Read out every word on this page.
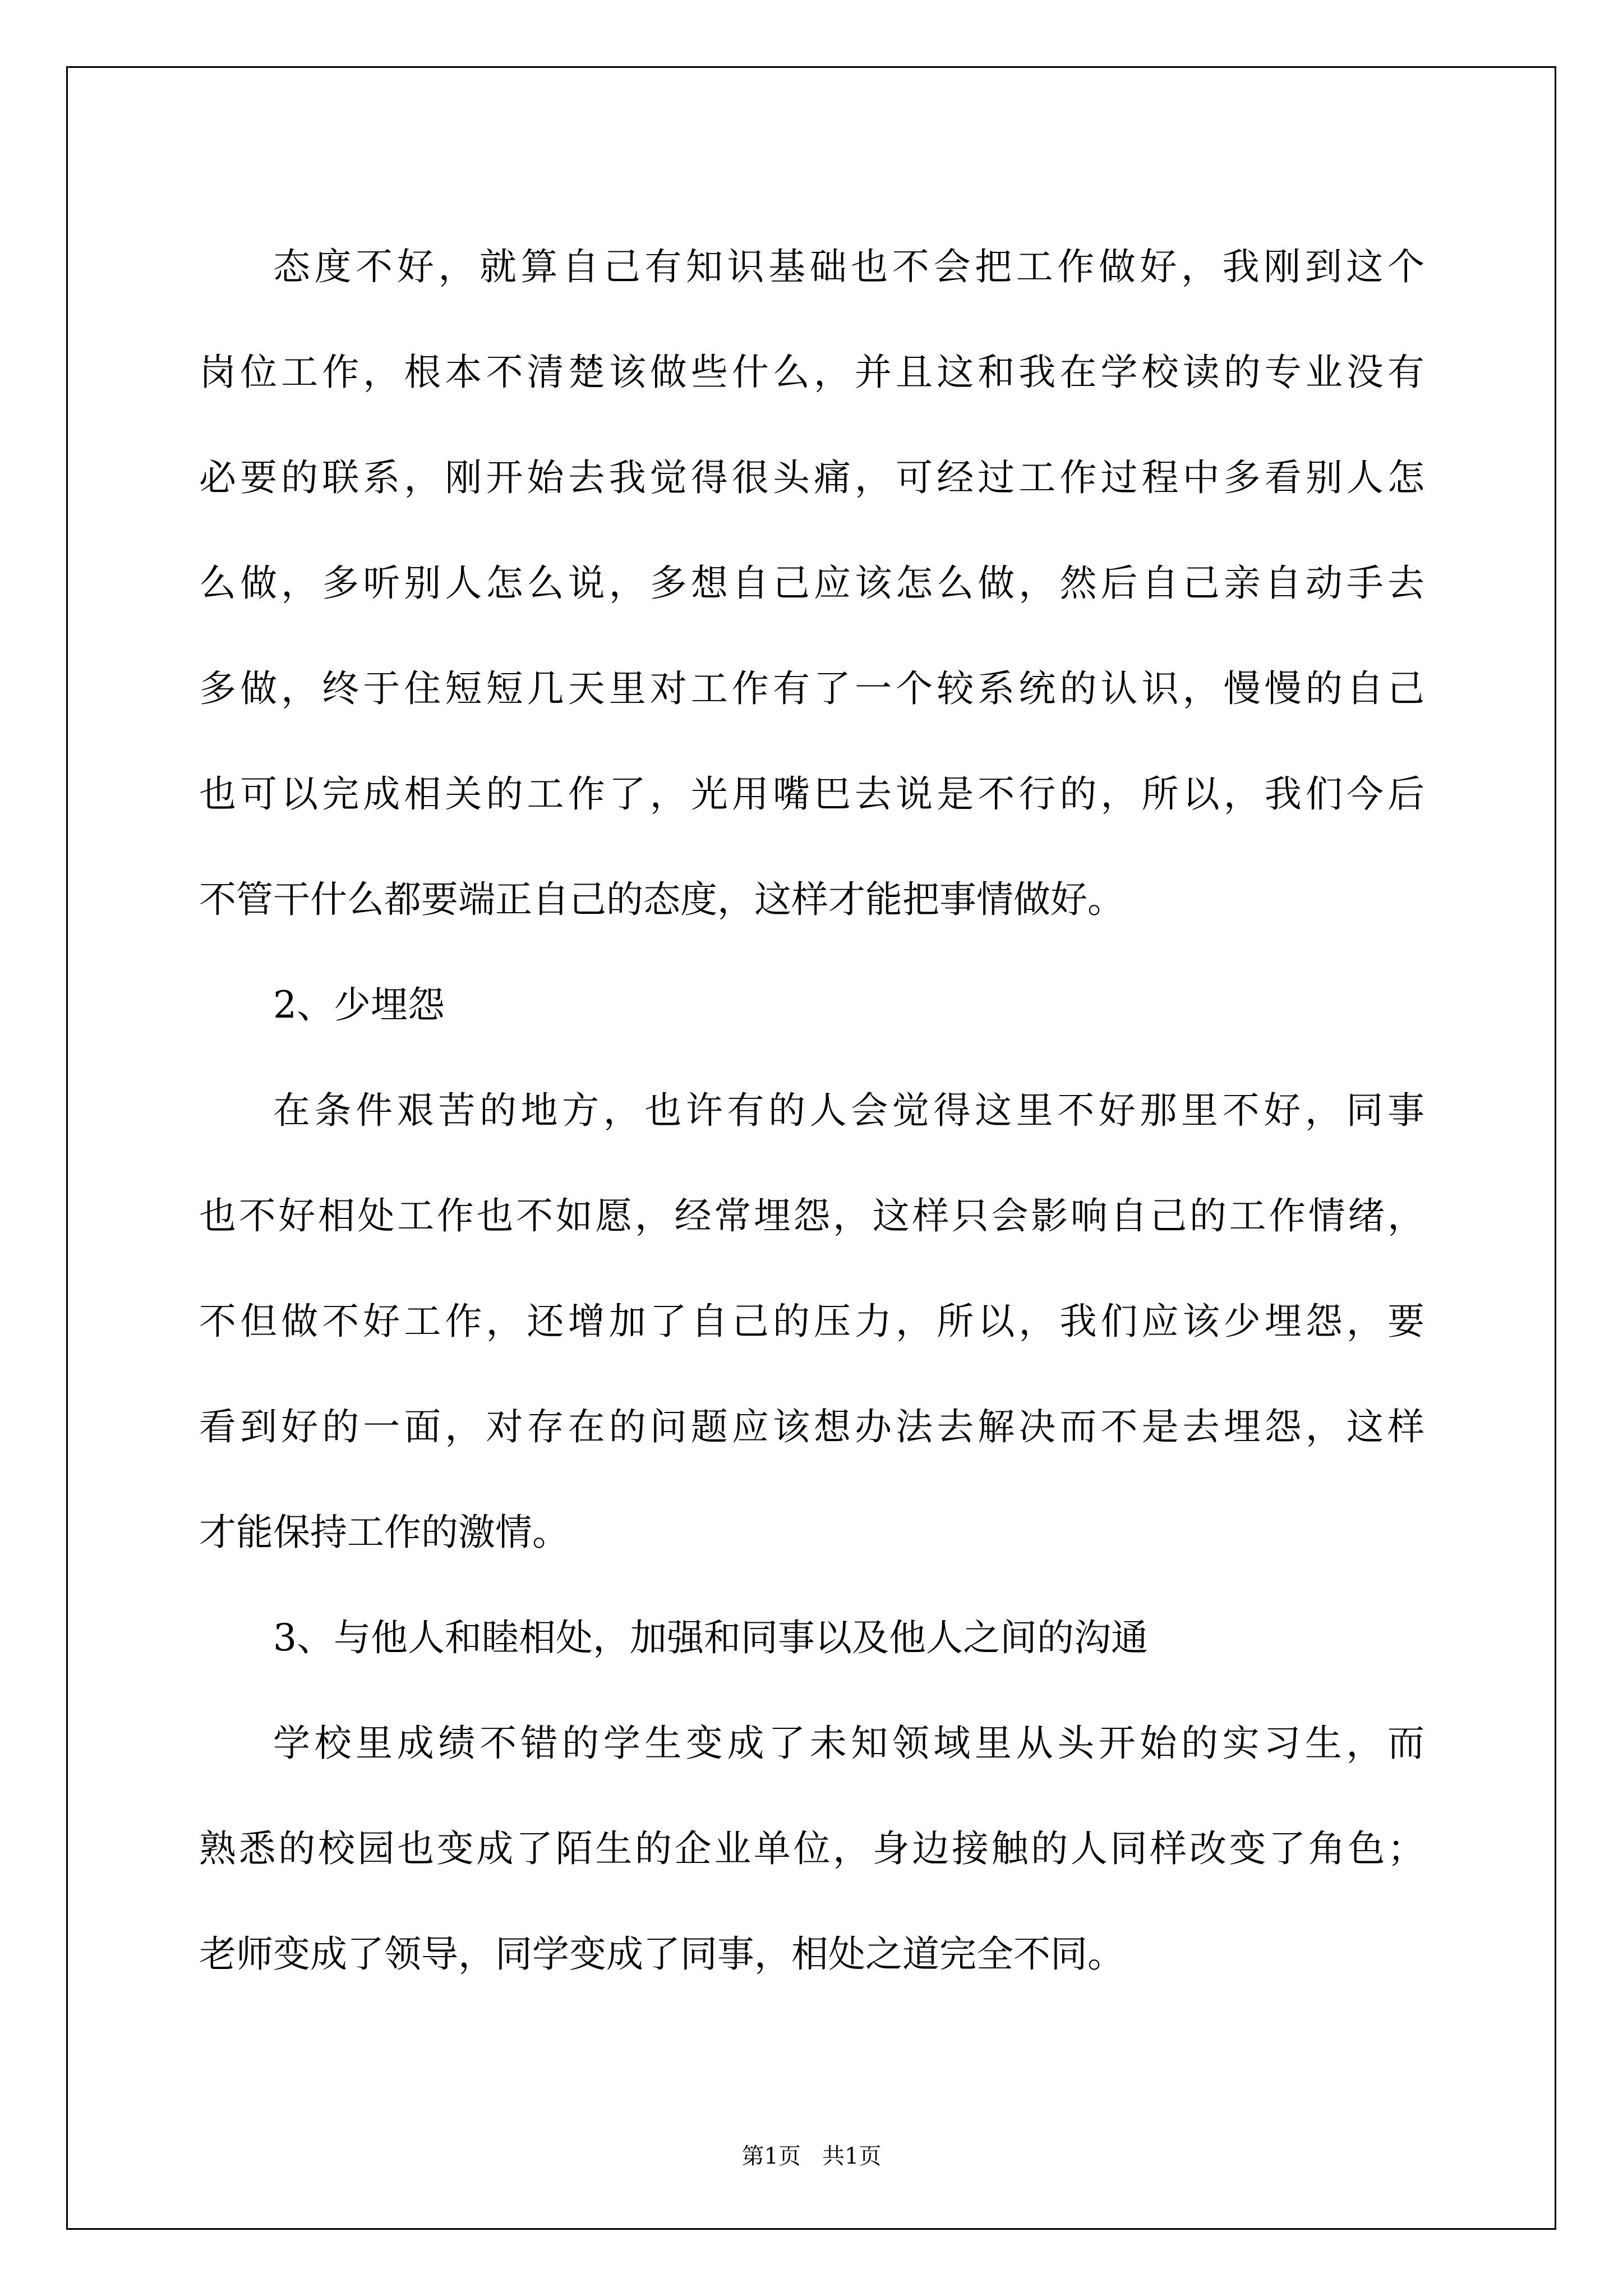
态度不好，就算自己有知识基础也不会把工作做好，我刚到这个
岗位工作，根本不清楚该做些什么，并且这和我在学校读的专业没有
必要的联系，刚开始去我觉得很头痛，可经过工作过程中多看别人怎
么做，多听别人怎么说，多想自己应该怎么做，然后自己亲自动手去
多做，终于住短短几天里对工作有了一个较系统的认识，慢慢的自己
也可以完成相关的工作了，光用嘴巴去说是不行的，所以，我们今后
不管干什么都要端正自己的态度，这样才能把事情做好。
2、少埋怨
在条件艰苦的地方，也许有的人会觉得这里不好那里不好，同事
也不好相处工作也不如愿，经常埋怨，这样只会影响自己的工作情绪，
不但做不好工作，还增加了自己的压力，所以，我们应该少埋怨，要
看到好的一面，对存在的问题应该想办法去解决而不是去埋怨，这样
才能保持工作的激情。
3、与他人和睦相处，加强和同事以及他人之间的沟通
学校里成绩不错的学生变成了未知领域里从头开始的实习生，而
熟悉的校园也变成了陌生的企业单位，身边接触的人同样改变了角色；
老师变成了领导，同学变成了同事，相处之道完全不同。
第1页   共1页
